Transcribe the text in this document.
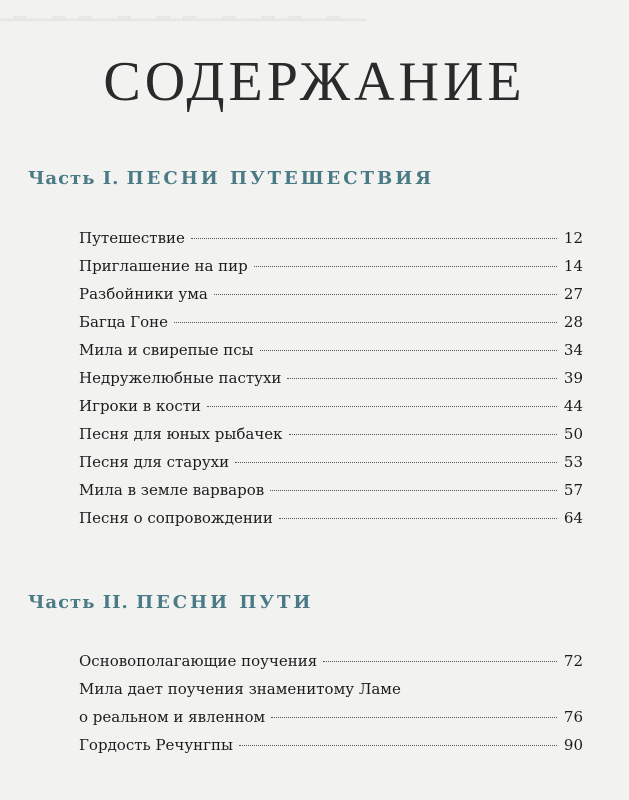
▁▂▁▁▂▁▂▁▁▂▁▁▂▁▂▁▁▂▁▁▂▁▂▁▁▂▁▁
СОДЕРЖАНИЕ
Часть I. ПЕСНИ ПУТЕШЕСТВИЯ
Путешествие	12
Приглашение на пир	14
Разбойники ума	27
Багца Гоне	28
Мила и свирепые псы	34
Недружелюбные пастухи	39
Игроки в кости	44
Песня для юных рыбачек	50
Песня для старухи	53
Мила в земле варваров	57
Песня о сопровождении	64
Часть II. ПЕСНИ ПУТИ
Основополагающие поучения	72
Мила дает поучения знаменитому Ламе
о реальном и явленном	76
Гордость Речунгпы	90
